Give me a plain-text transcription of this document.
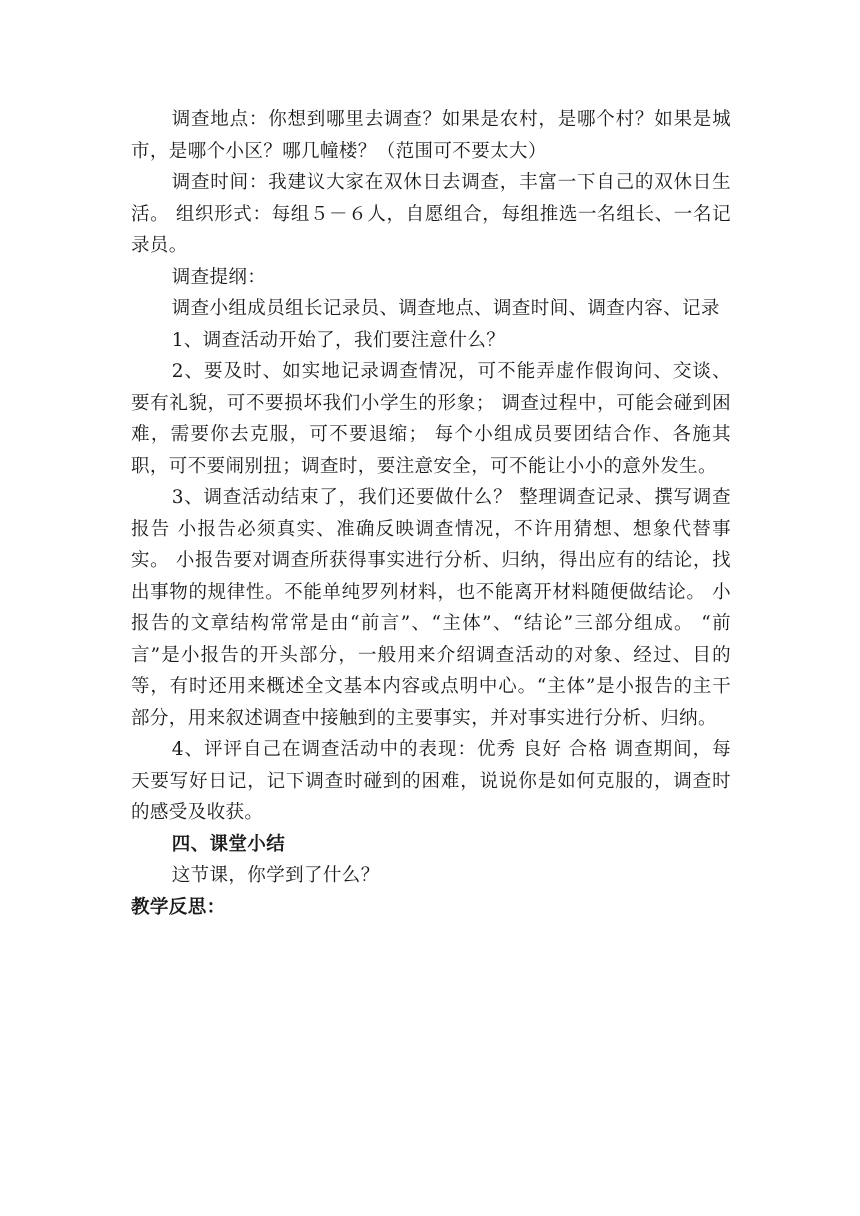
调查地点：你想到哪里去调查？如果是农村，是哪个村？如果是城市，是哪个小区？哪几幢楼？（范围可不要太大）

调查时间：我建议大家在双休日去调查，丰富一下自己的双休日生活。 组织形式：每组５－６人，自愿组合，每组推选一名组长、一名记录员。

调查提纲：

调查小组成员组长记录员、调查地点、调查时间、调查内容、记录

1、调查活动开始了，我们要注意什么？

2、要及时、如实地记录调查情况，可不能弄虚作假询问、交谈、要有礼貌，可不要损坏我们小学生的形象； 调查过程中，可能会碰到困难，需要你去克服，可不要退缩； 每个小组成员要团结合作、各施其职，可不要闹别扭；调查时，要注意安全，可不能让小小的意外发生。

3、调查活动结束了，我们还要做什么？ 整理调查记录、撰写调查报告 小报告必须真实、准确反映调查情况，不许用猜想、想象代替事实。 小报告要对调查所获得事实进行分析、归纳，得出应有的结论，找出事物的规律性。不能单纯罗列材料，也不能离开材料随便做结论。 小报告的文章结构常常是由“前言”、“主体”、“结论”三部分组成。 “前言”是小报告的开头部分，一般用来介绍调查活动的对象、经过、目的等，有时还用来概述全文基本内容或点明中心。“主体”是小报告的主干部分，用来叙述调查中接触到的主要事实，并对事实进行分析、归纳。

4、评评自己在调查活动中的表现：优秀 良好 合格 调查期间，每天要写好日记，记下调查时碰到的困难，说说你是如何克服的，调查时的感受及收获。

四、课堂小结

这节课，你学到了什么？

教学反思：
